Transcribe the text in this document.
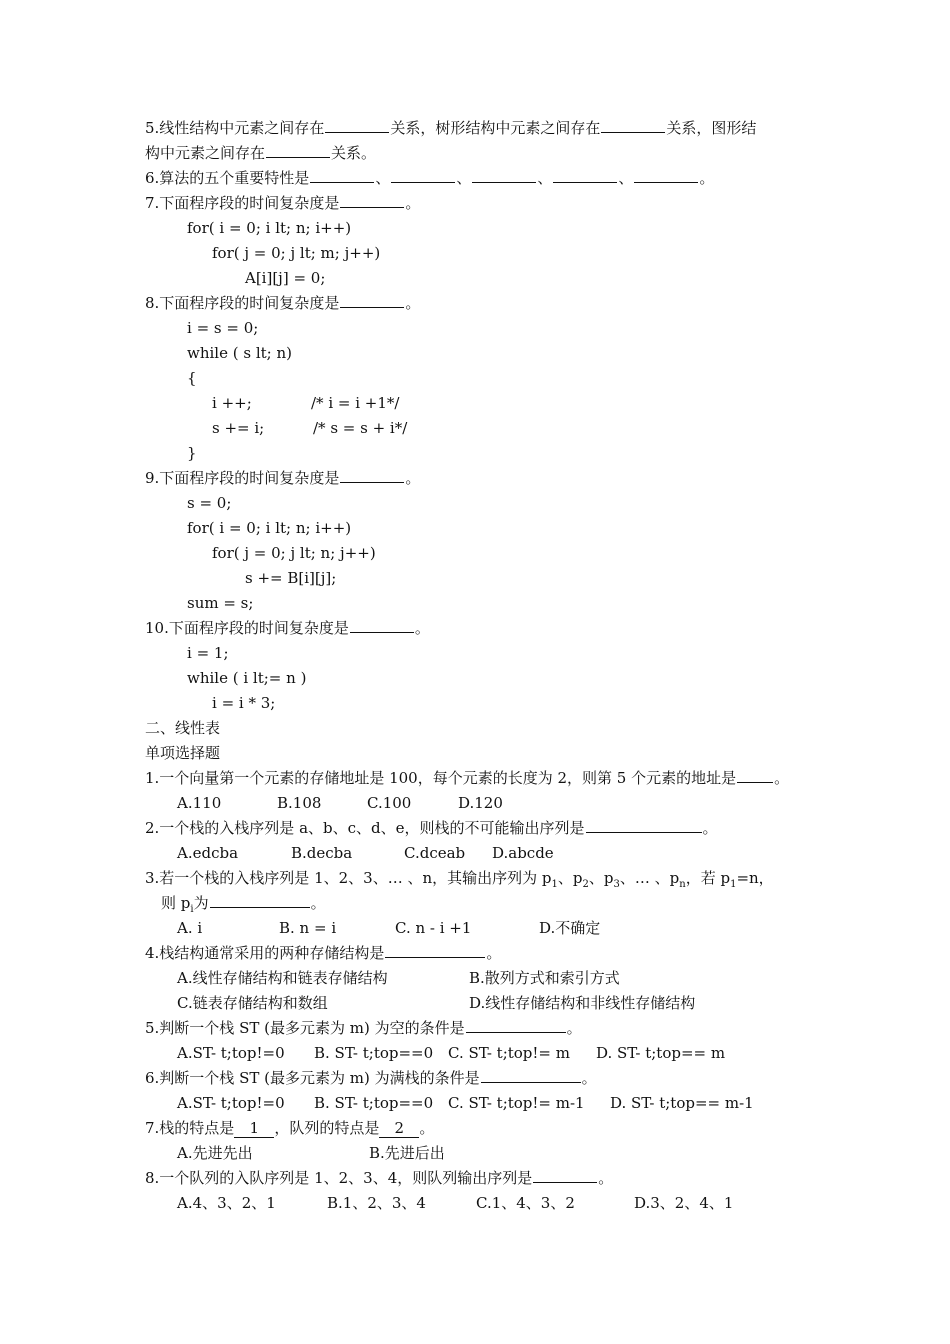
5.线性结构中元素之间存在	关系，树形结构中元素之间存在	关系，图形结
构中元素之间存在	关系。
6.算法的五个重要特性是	、	、	、	、	。
7.下面程序段的时间复杂度是	。
for( i = 0; i lt; n; i++)
for( j = 0; j lt; m; j++)
A[i][j] = 0;
8.下面程序段的时间复杂度是	。
i = s = 0;
while ( s lt; n)
{
i ++;	/* i = i +1*/
s += i;	/* s = s + i*/
}
9.下面程序段的时间复杂度是	。
s = 0;
for( i = 0; i lt; n; i++)
for( j = 0; j lt; n; j++)
s += B[i][j];
sum = s;
10.下面程序段的时间复杂度是	。
i = 1;
while ( i lt;= n )
i = i * 3;
二、线性表
单项选择题
1.一个向量第一个元素的存储地址是 100，每个元素的长度为 2，则第 5 个元素的地址是	。
A.110	B.108	C.100	D.120
2.一个栈的入栈序列是 a、b、c、d、e，则栈的不可能输出序列是	。
A.edcba	B.decba	C.dceab D.abcde
3.若一个栈的入栈序列是 1、2、3、… 、n，其输出序列为 $p_1$、$p_2$、$p_3$、… 、$p_n$，若 $p_1=n$，
则 $p_i$为	。
A. i	B. n = i	C. n - i +1	D.不确定
4.栈结构通常采用的两种存储结构是	。
A.线性存储结构和链表存储结构	B.散列方式和索引方式
C.链表存储结构和数组	D.线性存储结构和非线性存储结构
5.判断一个栈 ST (最多元素为 m) 为空的条件是	。
A.ST- t;top!=0 B. ST- t;top==0 C. ST- t;top!= m D. ST- t;top== m
6.判断一个栈 ST (最多元素为 m) 为满栈的条件是	。
A.ST- t;top!=0 B. ST- t;top==0 C. ST- t;top!= m-1 D. ST- t;top== m-1
7.栈的特点是 1 ，队列的特点是 2 。
A.先进先出	B.先进后出
8.一个队列的入队序列是 1、2、3、4，则队列输出序列是	。
A.4、3、2、1	B.1、2、3、4	C.1、4、3、2	D.3、2、4、1
